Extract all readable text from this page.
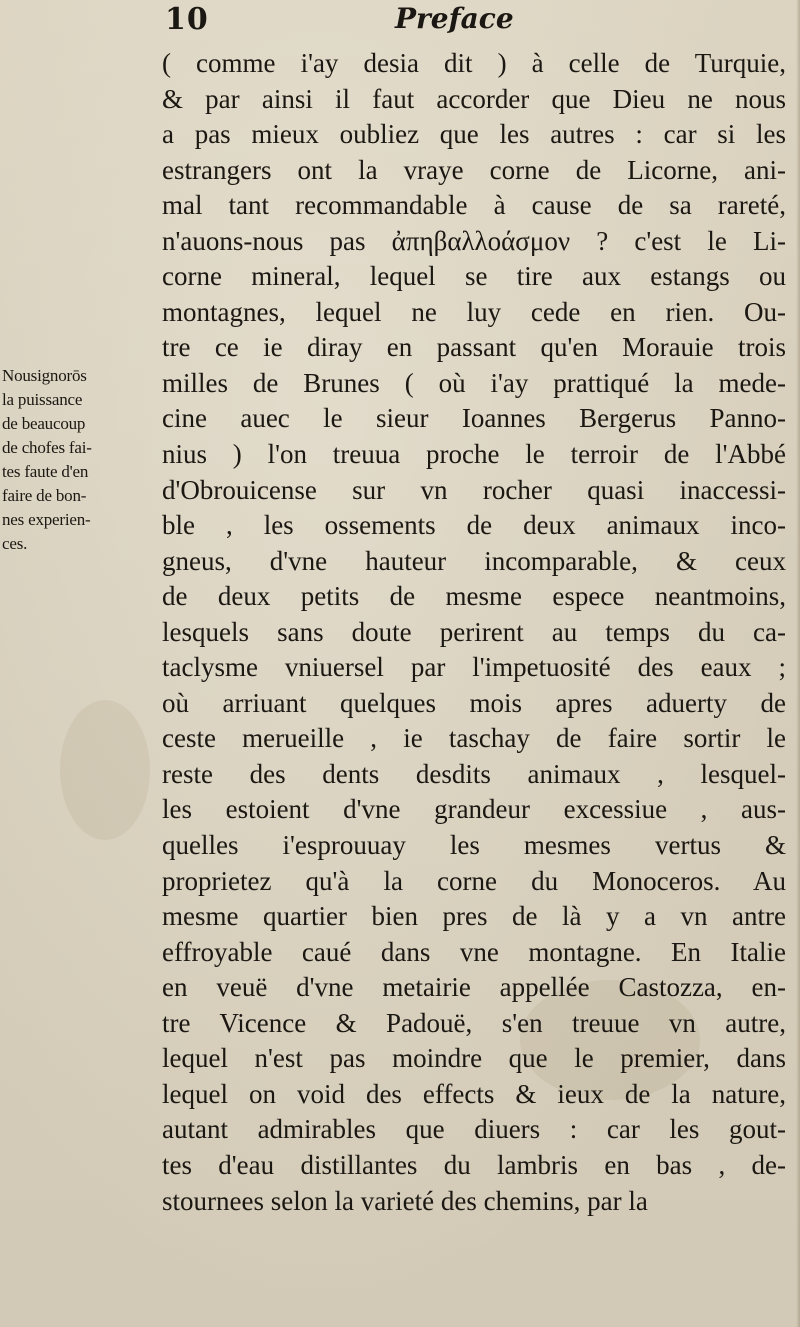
10	Preface
Nousignorōs
la puissance
de beaucoup
de chofes fai-
tes faute d'en
faire de bon-
nes experien-
ces.
( comme i'ay desia dit ) à celle de Turquie,
& par ainsi il faut accorder que Dieu ne nous
a pas mieux oubliez que les autres : car si les
estrangers ont la vraye corne de Licorne, ani-
mal tant recommandable à cause de sa rareté,
n'auons-nous pas ἀπηβαλλοάσμον ? c'est le Li-
corne mineral, lequel se tire aux estangs ou
montagnes, lequel ne luy cede en rien. Ou-
tre ce ie diray en passant qu'en Morauie trois
milles de Brunes ( où i'ay prattiqué la mede-
cine auec le sieur Ioannes Bergerus Panno-
nius ) l'on treuua proche le terroir de l'Abbé
d'Obrouicense sur vn rocher quasi inaccessi-
ble , les ossements de deux animaux inco-
gneus, d'vne hauteur incomparable, & ceux
de deux petits de mesme espece neantmoins,
lesquels sans doute perirent au temps du ca-
taclysme vniuersel par l'impetuosité des eaux ;
où arriuant quelques mois apres aduerty de
ceste merueille , ie taschay de faire sortir le
reste des dents desdits animaux , lesquel-
les estoient d'vne grandeur excessiue , aus-
quelles i'esprouuay les mesmes vertus &
proprietez qu'à la corne du Monoceros. Au
mesme quartier bien pres de là y a vn antre
effroyable caué dans vne montagne. En Italie
en veuë d'vne metairie appellée Castozza, en-
tre Vicence & Padouë, s'en treuue vn autre,
lequel n'est pas moindre que le premier, dans
lequel on void des effects & ieux de la nature,
autant admirables que diuers : car les gout-
tes d'eau distillantes du lambris en bas , de-
stournees selon la varieté des chemins, par la
